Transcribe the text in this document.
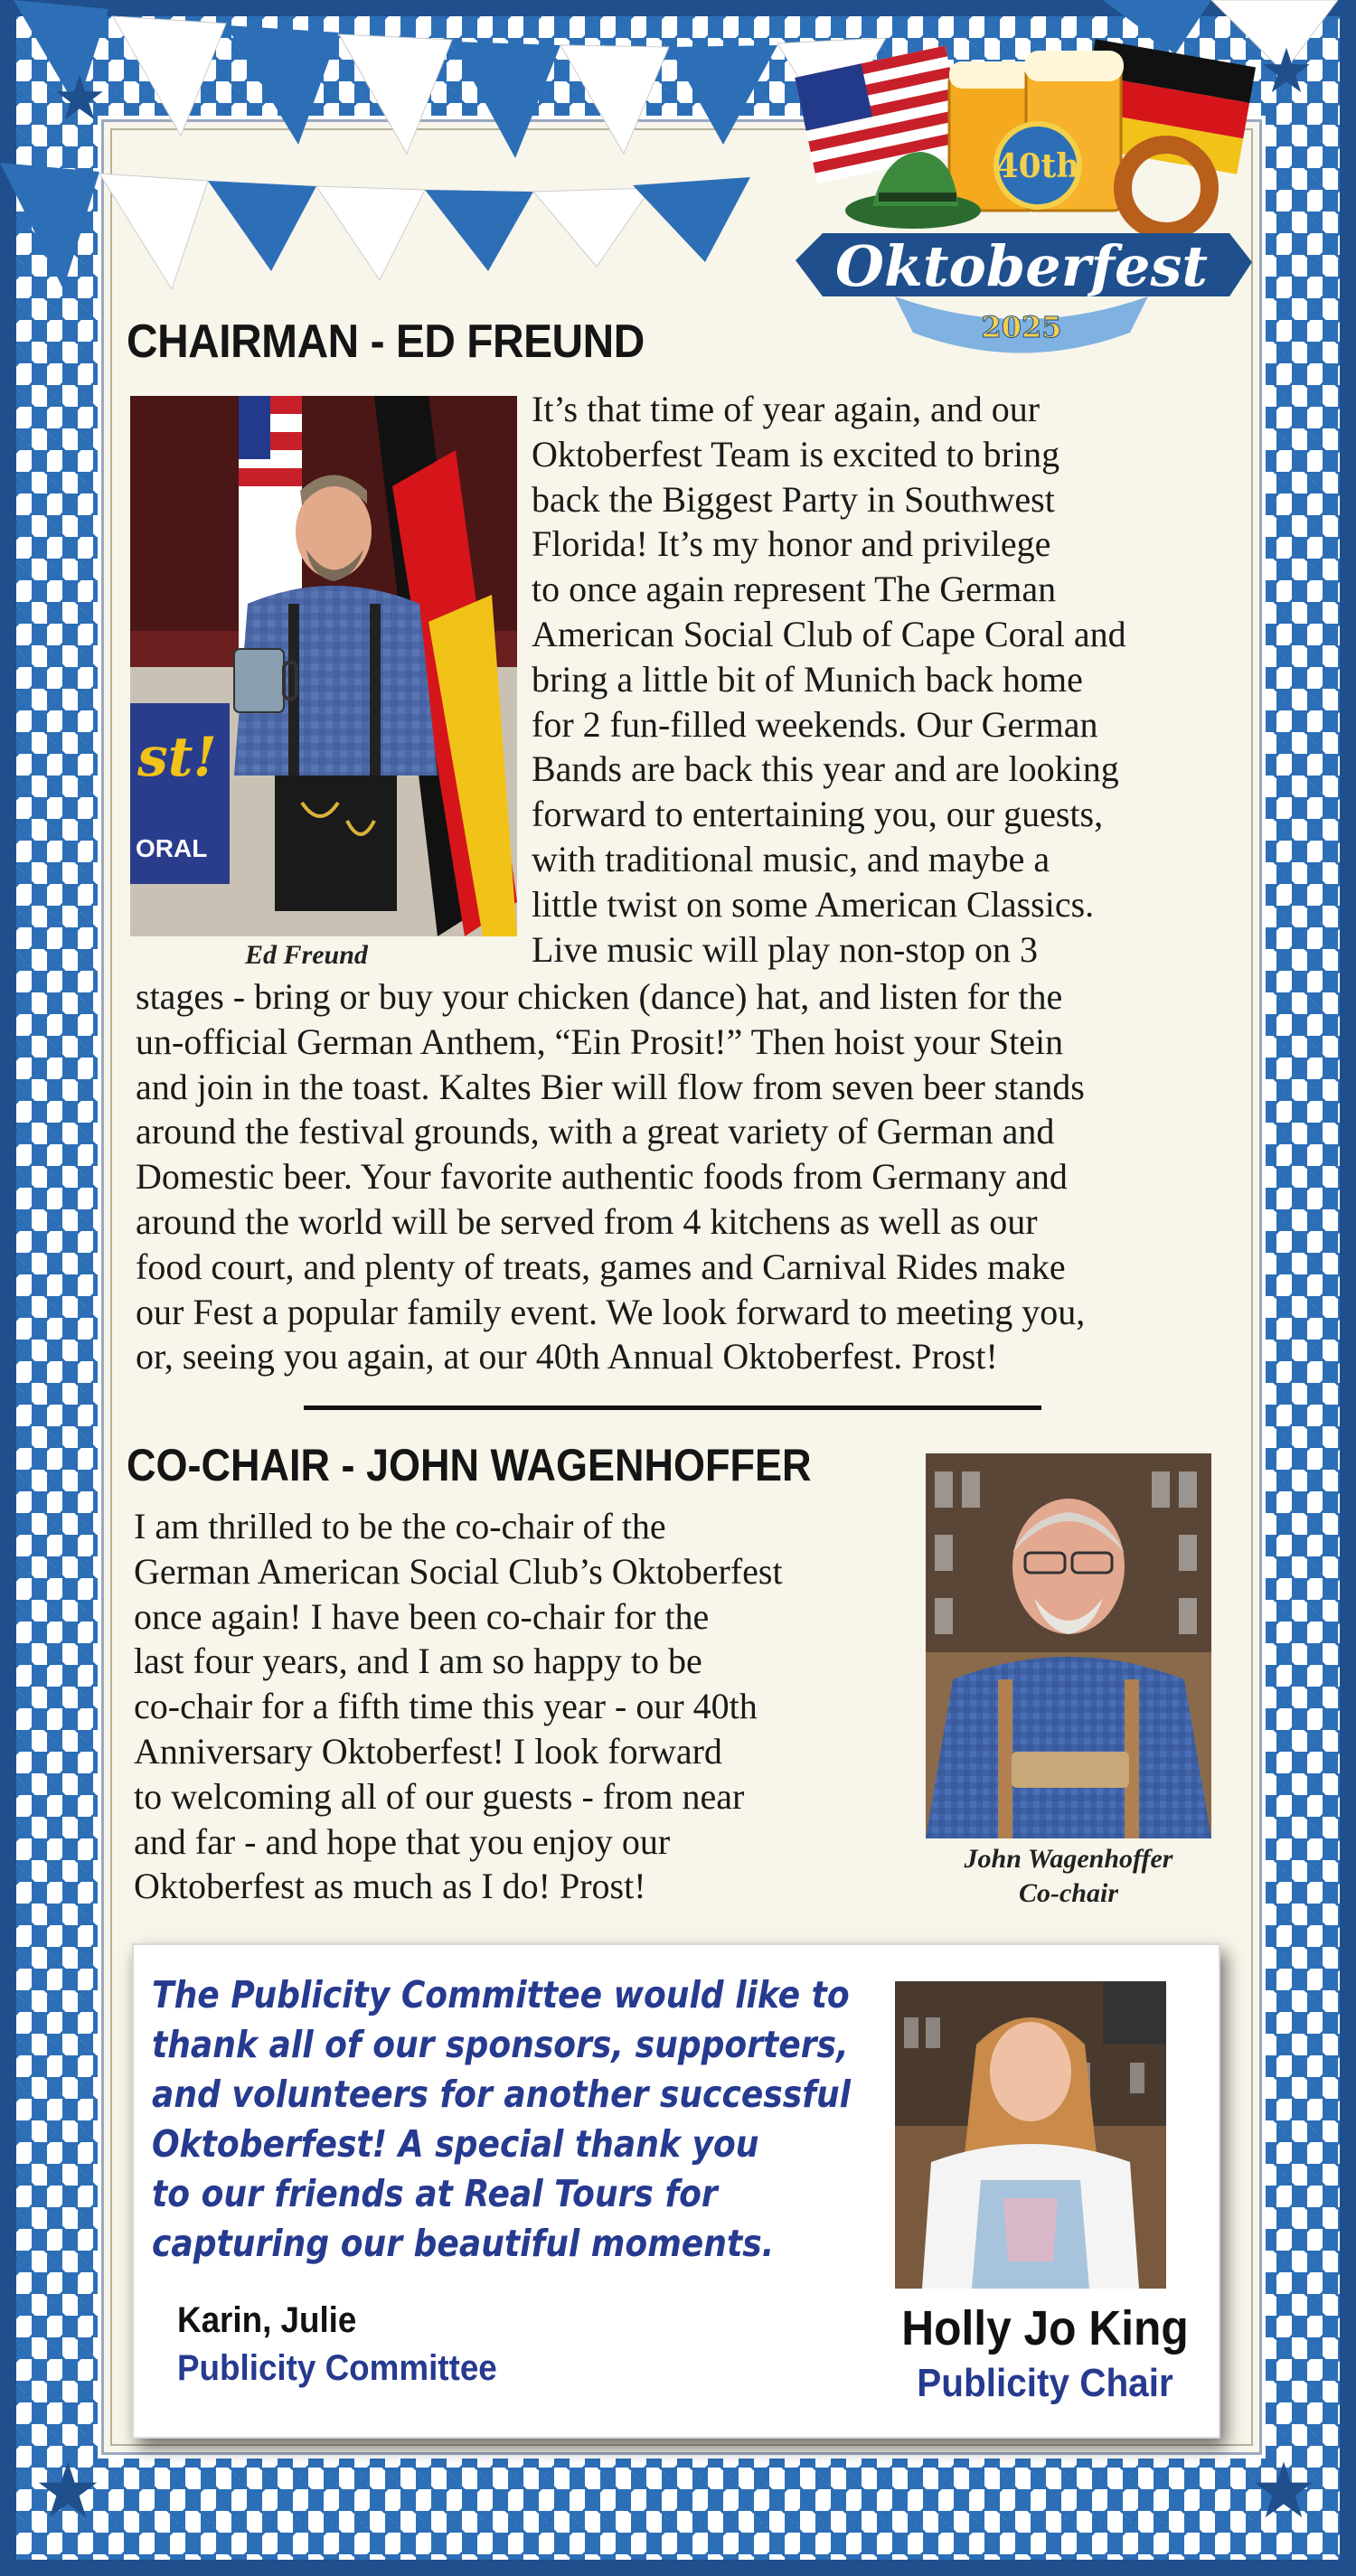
40th
Oktoberfest
2025
CHAIRMAN - ED FREUND
st!
ORAL
Ed Freund
It’s that time of year again, and our
Oktoberfest Team is excited to bring
back the Biggest Party in Southwest
Florida! It’s my honor and privilege
to once again represent The German
American Social Club of Cape Coral and
bring a little bit of Munich back home
for 2 fun-filled weekends. Our German
Bands are back this year and are looking
forward to entertaining you, our guests,
with traditional music, and maybe a
little twist on some American Classics.
Live music will play non-stop on 3
stages - bring or buy your chicken (dance) hat, and listen for the
un-official German Anthem, “Ein Prosit!” Then hoist your Stein
and join in the toast. Kaltes Bier will flow from seven beer stands
around the festival grounds, with a great variety of German and
Domestic beer. Your favorite authentic foods from Germany and
around the world will be served from 4 kitchens as well as our
food court, and plenty of treats, games and Carnival Rides make
our Fest a popular family event. We look forward to meeting you,
or, seeing you again, at our 40th Annual Oktoberfest. Prost!
CO-CHAIR - JOHN WAGENHOFFER
I am thrilled to be the co-chair of the
German American Social Club’s Oktoberfest
once again! I have been co-chair for the
last four years, and I am so happy to be
co-chair for a fifth time this year - our 40th
Anniversary Oktoberfest! I look forward
to welcoming all of our guests - from near
and far - and hope that you enjoy our
Oktoberfest as much as I do! Prost!
John Wagenhoffer
Co-chair
The Publicity Committee would like to
thank all of our sponsors, supporters,
and volunteers for another successful
Oktoberfest! A special thank you
to our friends at Real Tours for
capturing our beautiful moments.
Karin, Julie
Publicity Committee
Holly Jo King
Publicity Chair
